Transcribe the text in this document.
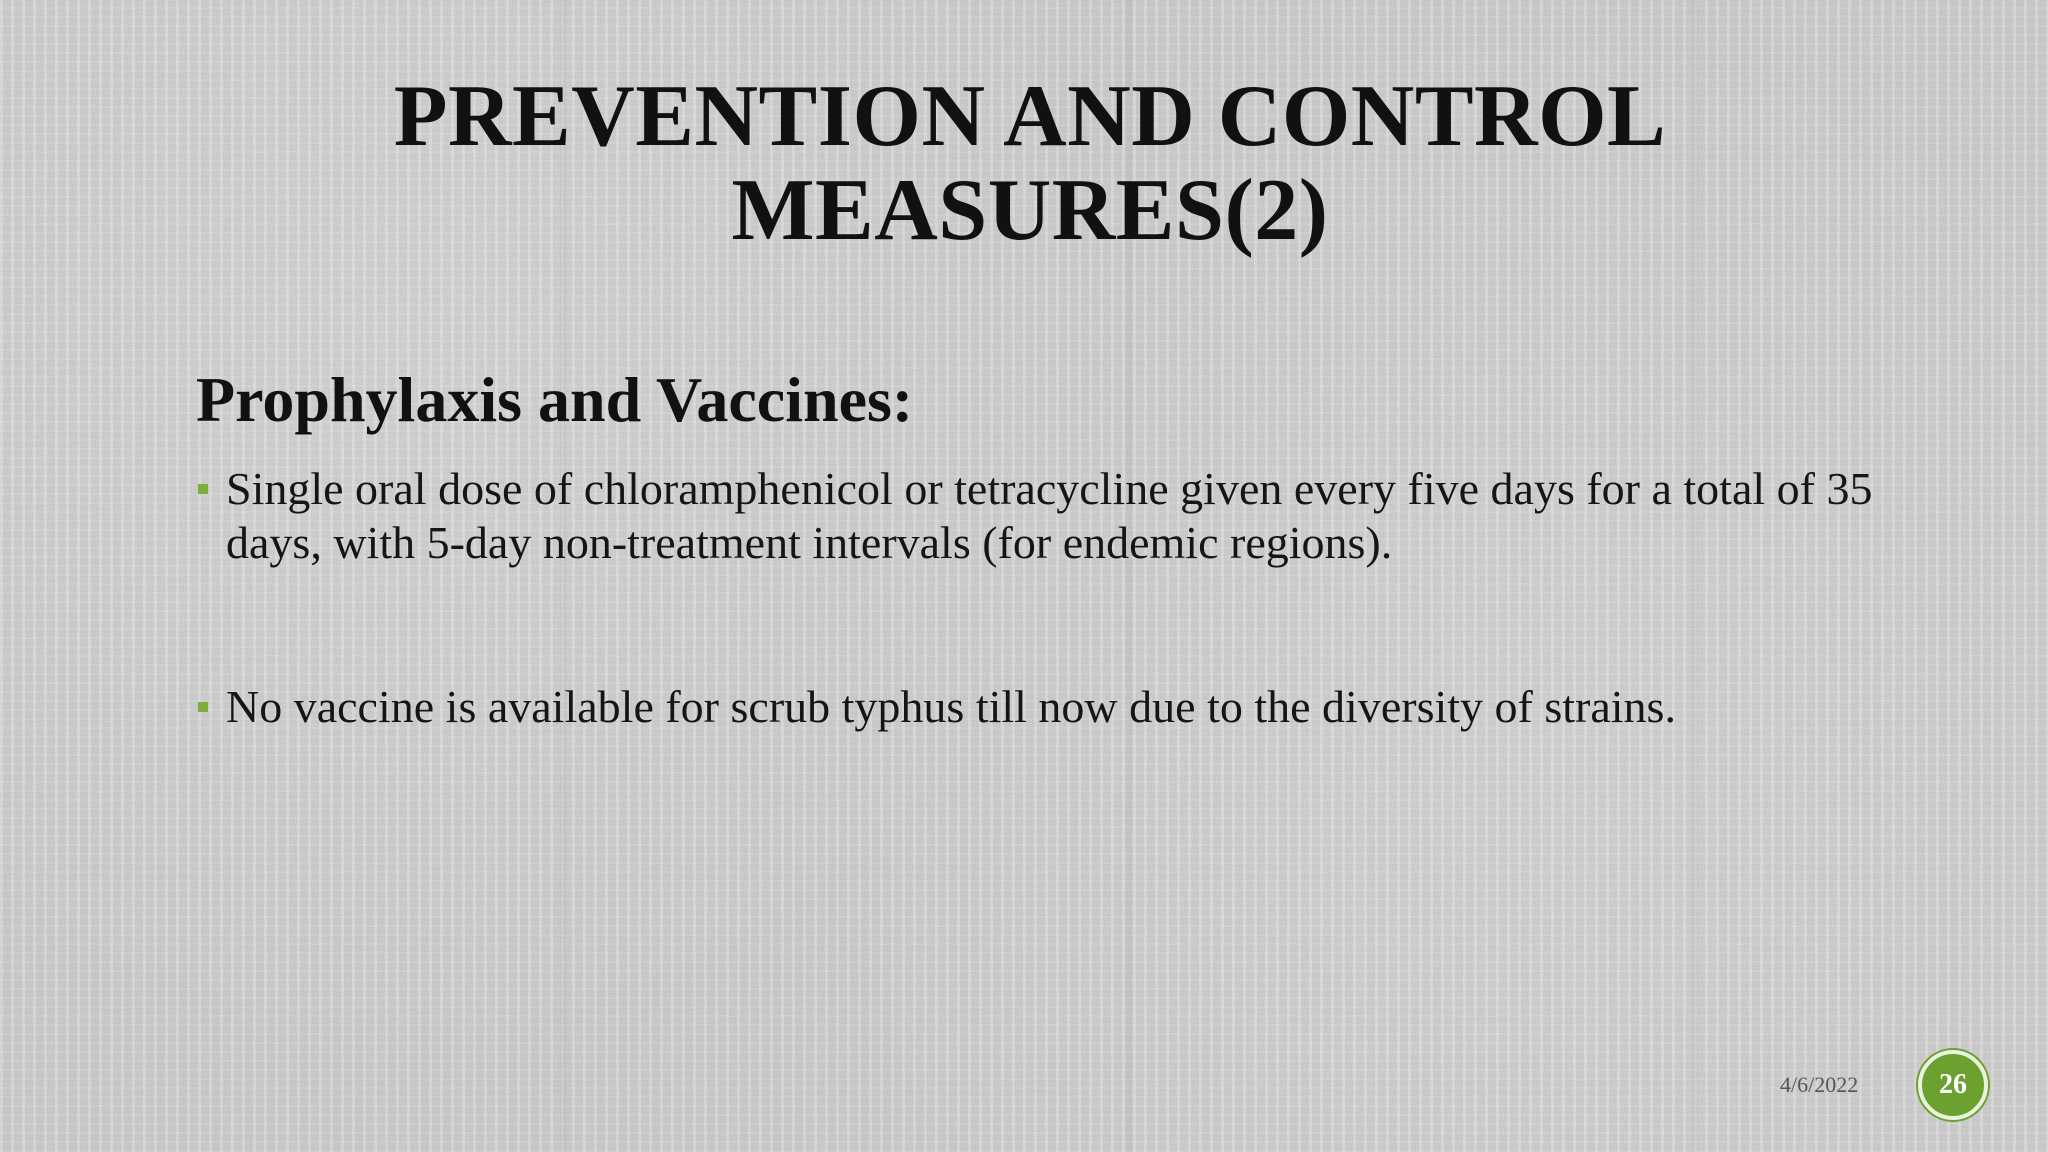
PREVENTION AND CONTROL
MEASURES(2)
Prophylaxis and Vaccines:
Single oral dose of chloramphenicol or tetracycline given every five days for a total of 35 days, with 5-day non-treatment intervals (for endemic regions).
No vaccine is available for scrub typhus till now due to the diversity of strains.
4/6/2022	26
